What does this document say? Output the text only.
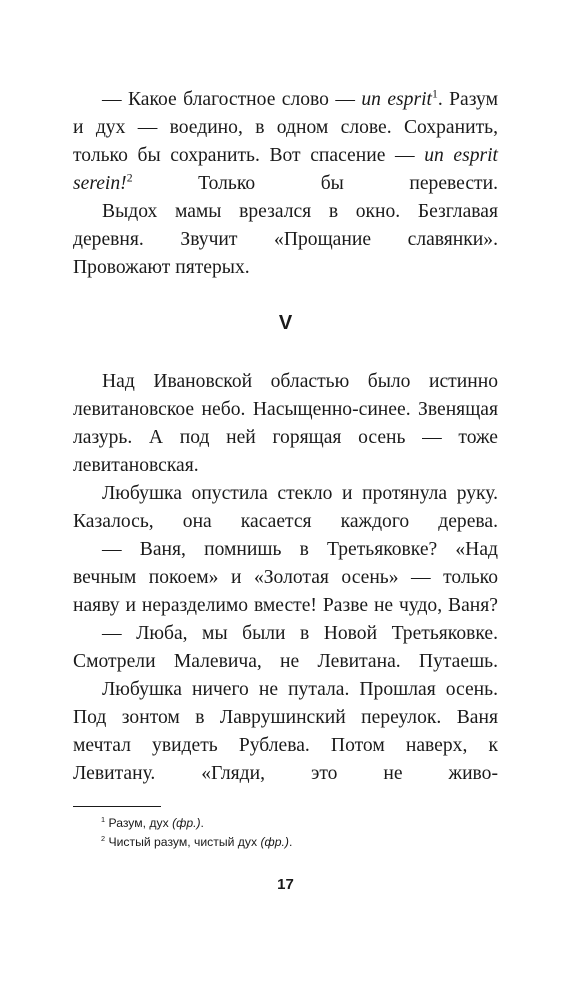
— Какое благостное слово — un esprit$^1$. Разум и дух — воедино, в одном слове. Сохранить, только бы сохранить. Вот спасение — un esprit serein!$^2$ Только бы перевести.

Выдох мамы врезался в окно. Безглавая деревня. Звучит «Прощание славянки». Провожают пятерых.

V

Над Ивановской областью было истинно левитановское небо. Насыщенно-синее. Звенящая лазурь. А под ней горящая осень — тоже левитановская.

Любушка опустила стекло и протянула руку. Казалось, она касается каждого дерева.

— Ваня, помнишь в Третьяковке? «Над вечным покоем» и «Золотая осень» — только наяву и неразделимо вместе! Разве не чудо, Ваня?

— Люба, мы были в Новой Третьяковке. Смотрели Малевича, не Левитана. Путаешь.

Любушка ничего не путала. Прошлая осень. Под зонтом в Лаврушинский переулок. Ваня мечтал увидеть Рублева. Потом наверх, к Левитану. «Гляди, это не живо-

$^1$ Разум, дух (фр.).
$^2$ Чистый разум, чистый дух (фр.).
17
